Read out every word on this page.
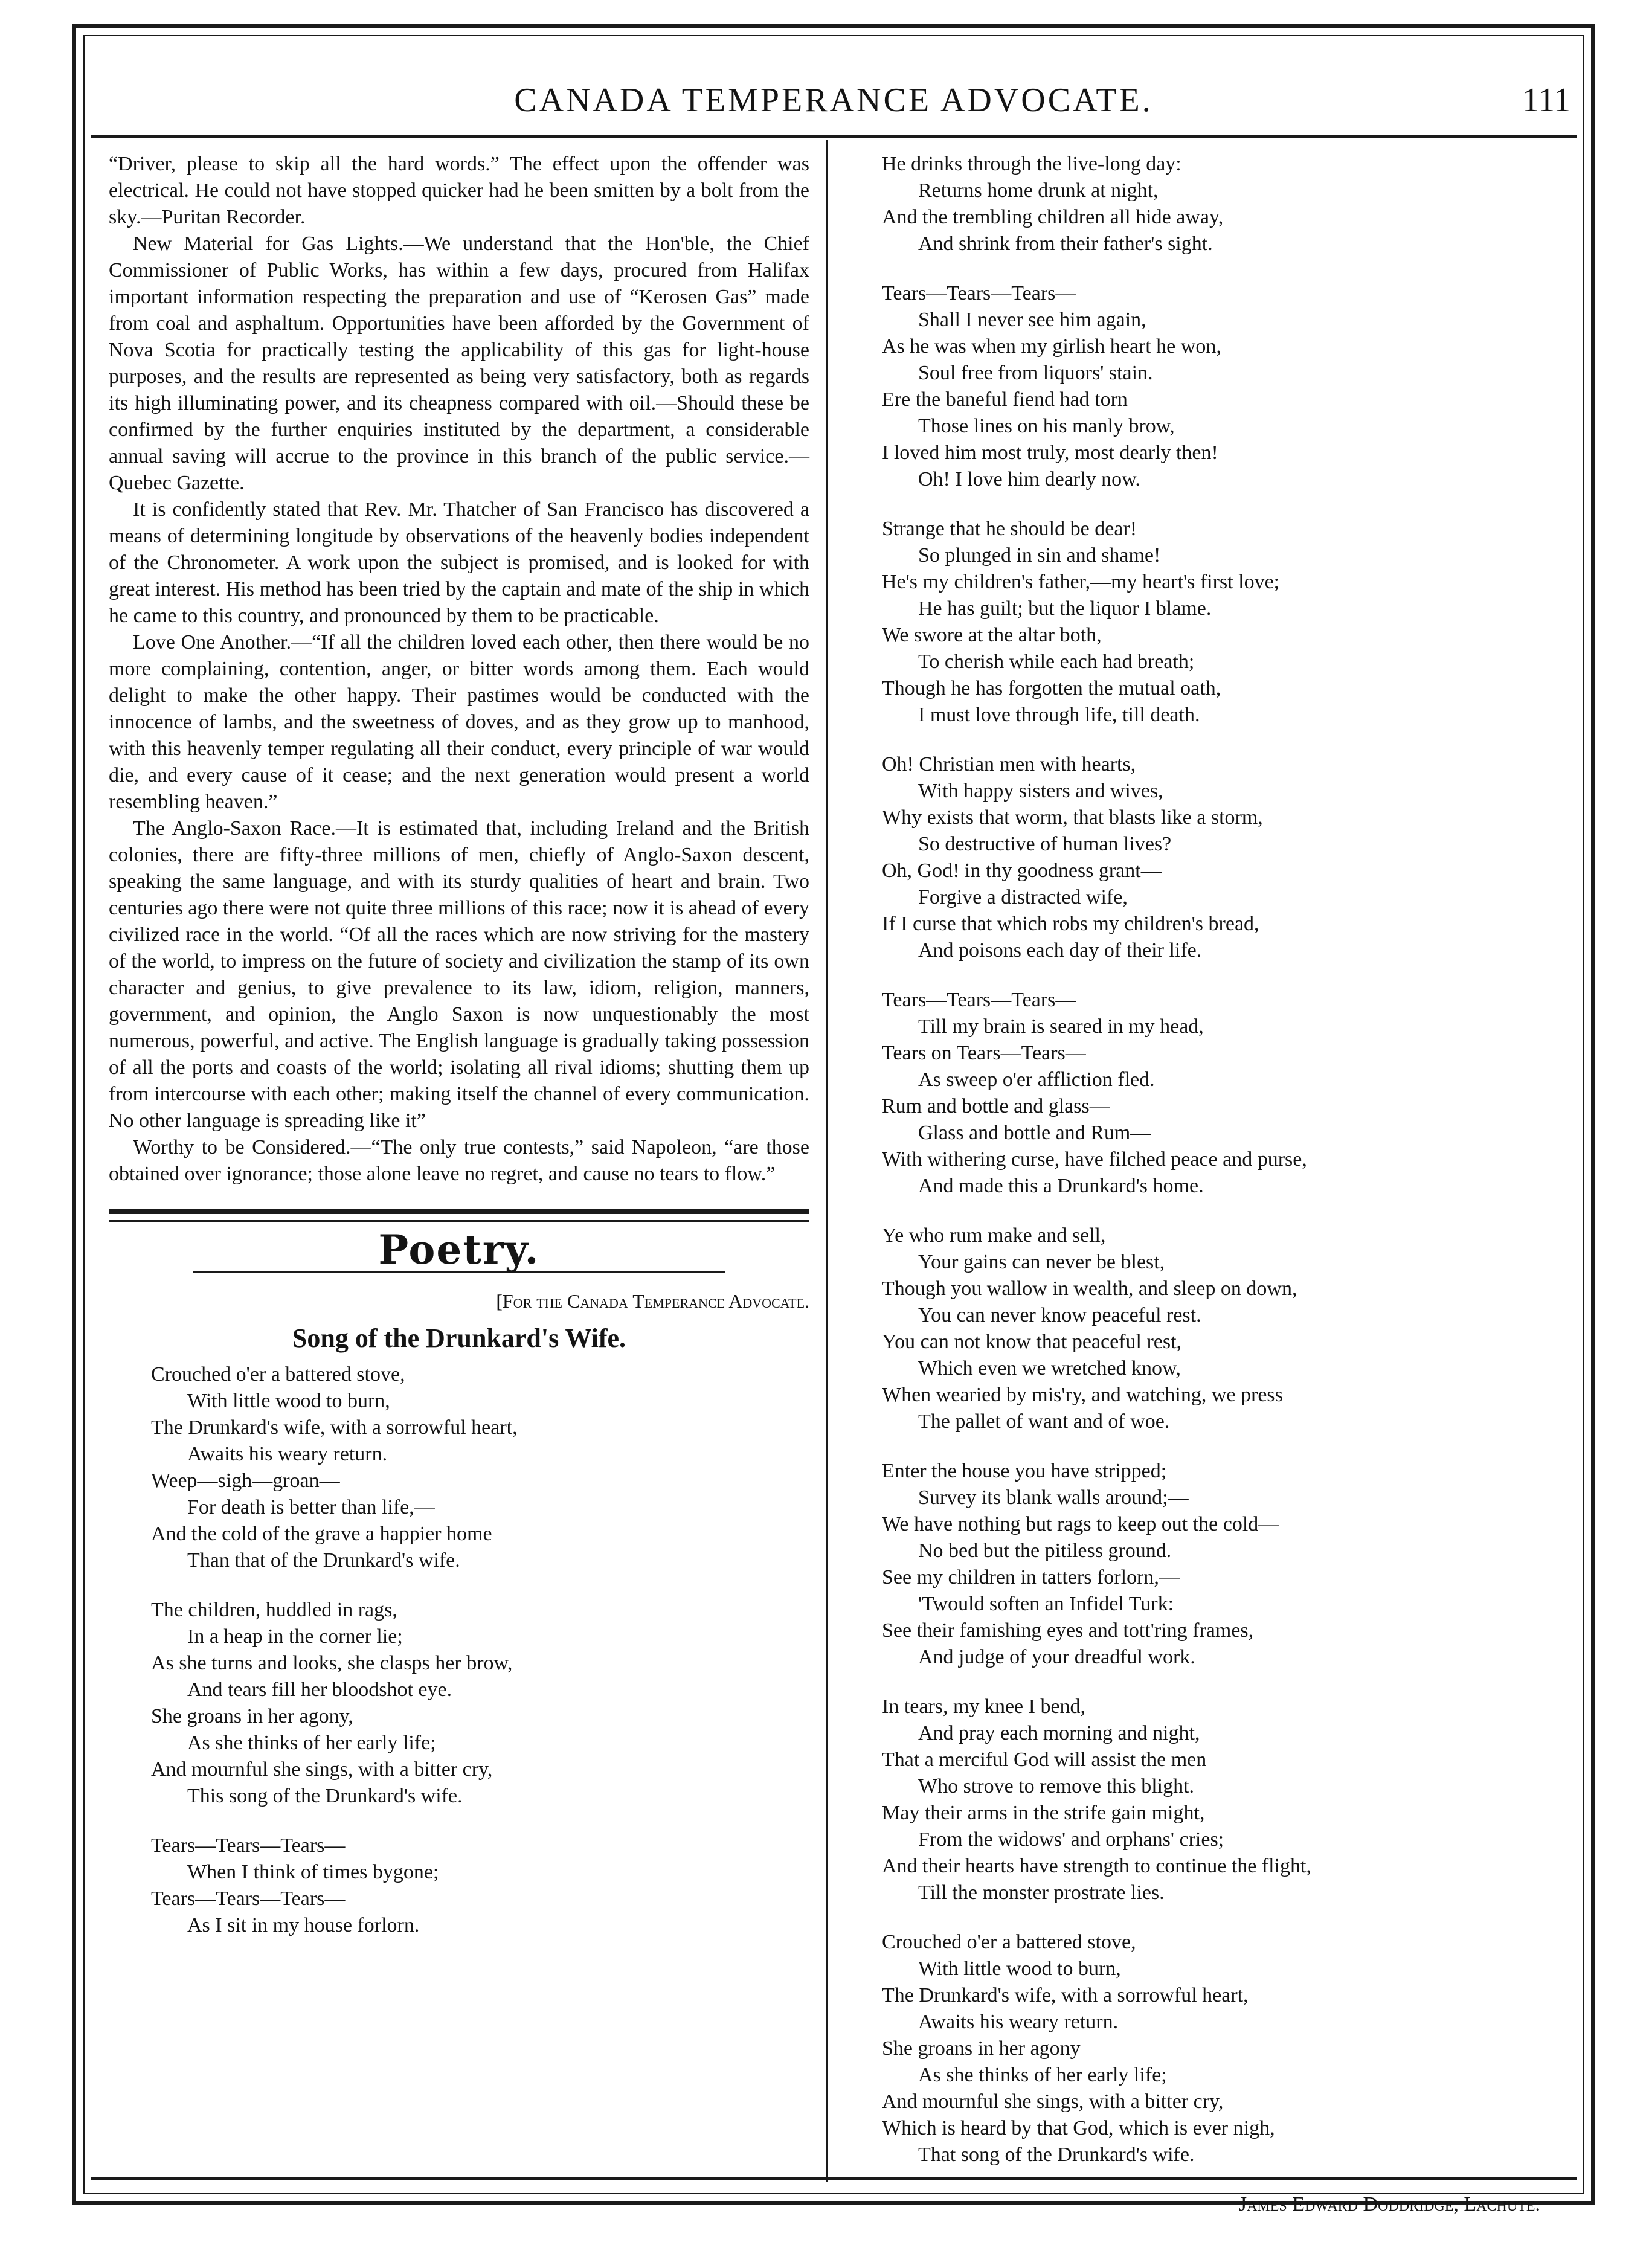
CANADA TEMPERANCE ADVOCATE.	111

“Driver, please to skip all the hard words.” The effect upon the offender was electrical. He could not have stopped quicker had he been smitten by a bolt from the sky.—Puritan Recorder.

New Material for Gas Lights.—We understand that the Hon'ble, the Chief Commissioner of Public Works, has within a few days, procured from Halifax important information respecting the preparation and use of “Kerosen Gas” made from coal and asphaltum. Opportunities have been afforded by the Government of Nova Scotia for practically testing the applicability of this gas for light-house purposes, and the results are represented as being very satisfactory, both as regards its high illuminating power, and its cheapness compared with oil.—Should these be confirmed by the further enquiries instituted by the department, a considerable annual saving will accrue to the province in this branch of the public service.—Quebec Gazette.

It is confidently stated that Rev. Mr. Thatcher of San Francisco has discovered a means of determining longitude by observations of the heavenly bodies independent of the Chronometer. A work upon the subject is promised, and is looked for with great interest. His method has been tried by the captain and mate of the ship in which he came to this country, and pronounced by them to be practicable.

Love One Another.—“If all the children loved each other, then there would be no more complaining, contention, anger, or bitter words among them. Each would delight to make the other happy. Their pastimes would be conducted with the innocence of lambs, and the sweetness of doves, and as they grow up to manhood, with this heavenly temper regulating all their conduct, every principle of war would die, and every cause of it cease; and the next generation would present a world resembling heaven.”

The Anglo-Saxon Race.—It is estimated that, including Ireland and the British colonies, there are fifty-three millions of men, chiefly of Anglo-Saxon descent, speaking the same language, and with its sturdy qualities of heart and brain. Two centuries ago there were not quite three millions of this race; now it is ahead of every civilized race in the world. “Of all the races which are now striving for the mastery of the world, to impress on the future of society and civilization the stamp of its own character and genius, to give prevalence to its law, idiom, religion, manners, government, and opinion, the Anglo Saxon is now unquestionably the most numerous, powerful, and active. The English language is gradually taking possession of all the ports and coasts of the world; isolating all rival idioms; shutting them up from intercourse with each other; making itself the channel of every communication. No other language is spreading like it”

Worthy to be Considered.—“The only true contests,” said Napoleon, “are those obtained over ignorance; those alone leave no regret, and cause no tears to flow.”

Poetry.
[For the Canada Temperance Advocate.
Song of the Drunkard's Wife.
Crouched o'er a battered stove,
With little wood to burn,
The Drunkard's wife, with a sorrowful heart,
Awaits his weary return.
Weep—sigh—groan—
For death is better than life,—
And the cold of the grave a happier home
Than that of the Drunkard's wife.
The children, huddled in rags,
In a heap in the corner lie;
As she turns and looks, she clasps her brow,
And tears fill her bloodshot eye.
She groans in her agony,
As she thinks of her early life;
And mournful she sings, with a bitter cry,
This song of the Drunkard's wife.
Tears—Tears—Tears—
When I think of times bygone;
Tears—Tears—Tears—
As I sit in my house forlorn.
He drinks through the live-long day:
Returns home drunk at night,
And the trembling children all hide away,
And shrink from their father's sight.
Tears—Tears—Tears—
Shall I never see him again,
As he was when my girlish heart he won,
Soul free from liquors' stain.
Ere the baneful fiend had torn
Those lines on his manly brow,
I loved him most truly, most dearly then!
Oh! I love him dearly now.
Strange that he should be dear!
So plunged in sin and shame!
He's my children's father,—my heart's first love;
He has guilt; but the liquor I blame.
We swore at the altar both,
To cherish while each had breath;
Though he has forgotten the mutual oath,
I must love through life, till death.
Oh! Christian men with hearts,
With happy sisters and wives,
Why exists that worm, that blasts like a storm,
So destructive of human lives?
Oh, God! in thy goodness grant—
Forgive a distracted wife,
If I curse that which robs my children's bread,
And poisons each day of their life.
Tears—Tears—Tears—
Till my brain is seared in my head,
Tears on Tears—Tears—
As sweep o'er affliction fled.
Rum and bottle and glass—
Glass and bottle and Rum—
With withering curse, have filched peace and purse,
And made this a Drunkard's home.
Ye who rum make and sell,
Your gains can never be blest,
Though you wallow in wealth, and sleep on down,
You can never know peaceful rest.
You can not know that peaceful rest,
Which even we wretched know,
When wearied by mis'ry, and watching, we press
The pallet of want and of woe.
Enter the house you have stripped;
Survey its blank walls around;—
We have nothing but rags to keep out the cold—
No bed but the pitiless ground.
See my children in tatters forlorn,—
'Twould soften an Infidel Turk:
See their famishing eyes and tott'ring frames,
And judge of your dreadful work.
In tears, my knee I bend,
And pray each morning and night,
That a merciful God will assist the men
Who strove to remove this blight.
May their arms in the strife gain might,
From the widows' and orphans' cries;
And their hearts have strength to continue the flight,
Till the monster prostrate lies.
Crouched o'er a battered stove,
With little wood to burn,
The Drunkard's wife, with a sorrowful heart,
Awaits his weary return.
She groans in her agony
As she thinks of her early life;
And mournful she sings, with a bitter cry,
Which is heard by that God, which is ever nigh,
That song of the Drunkard's wife.
James Edward Doddridge, Lachute.
